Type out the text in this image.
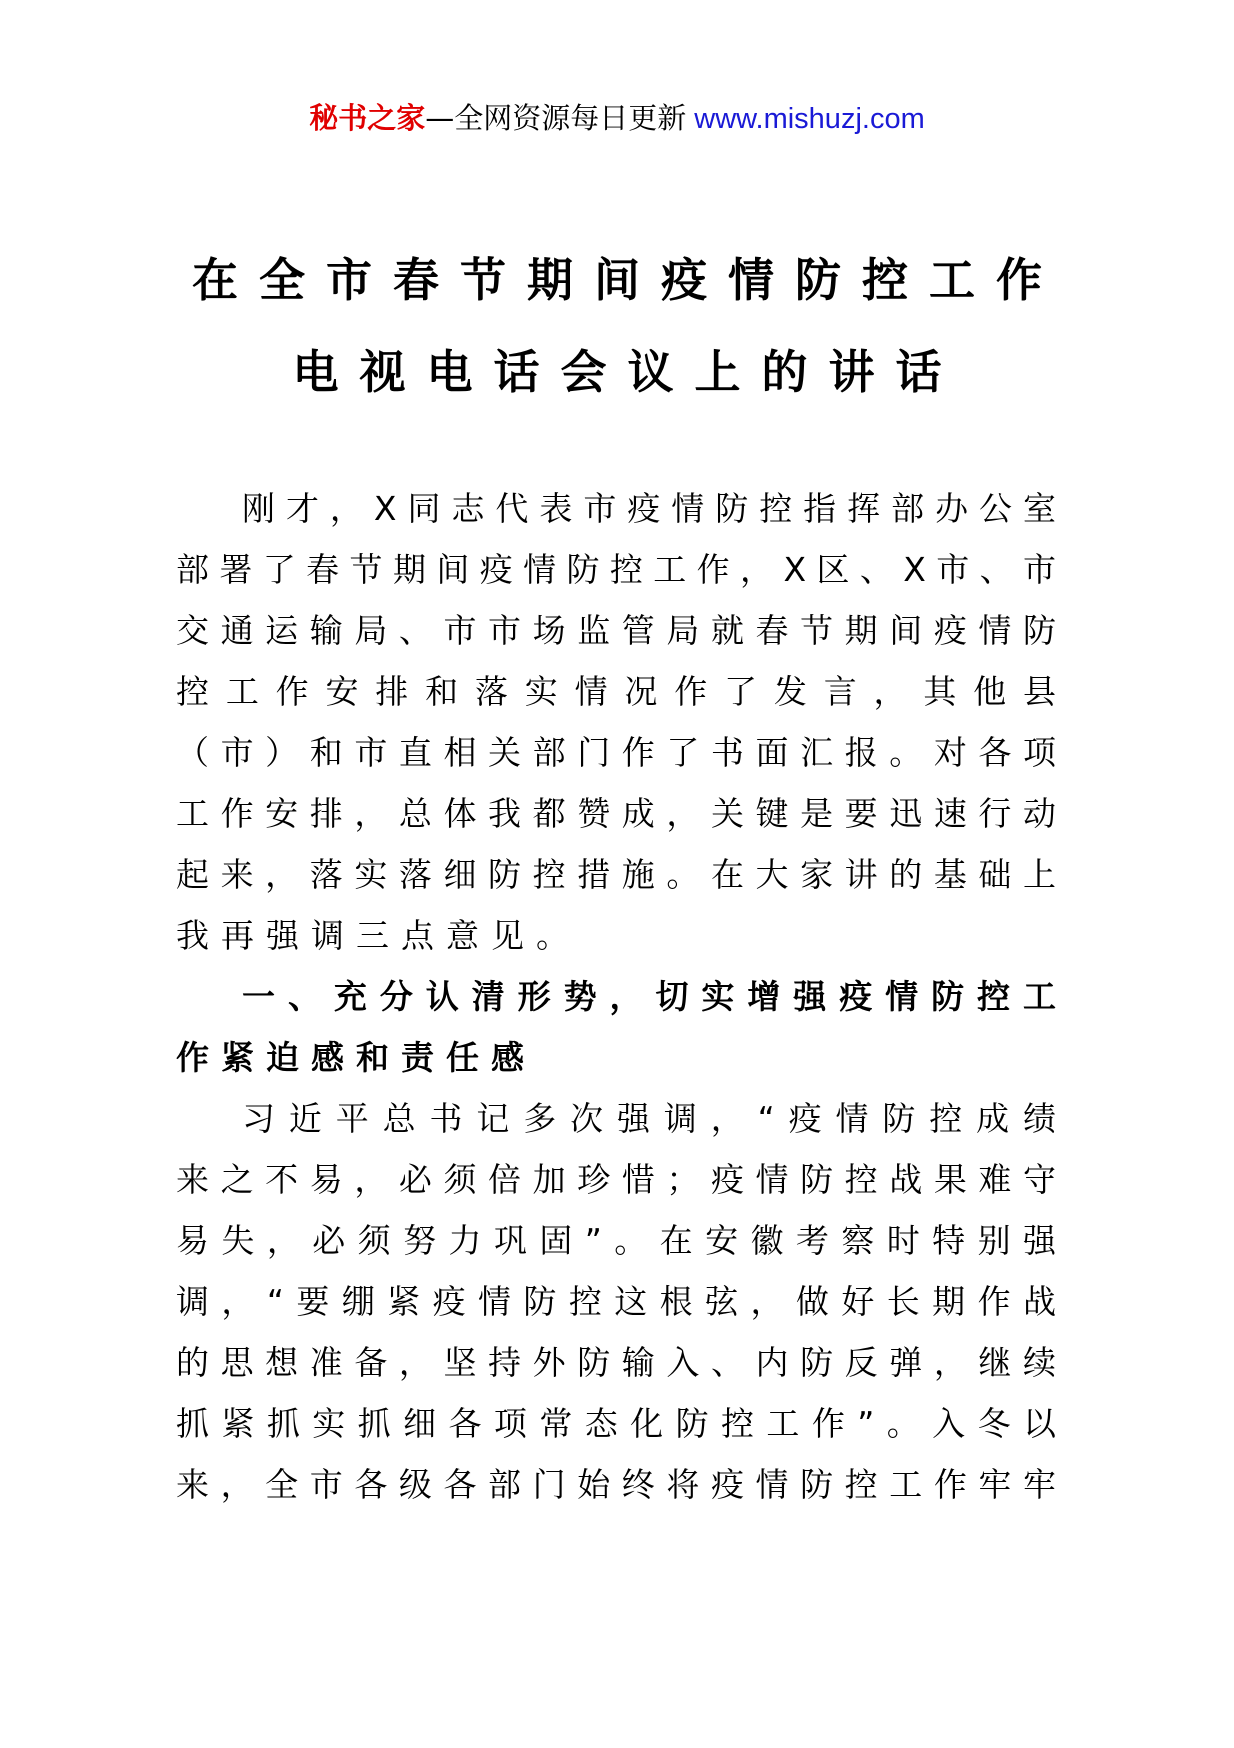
秘书之家—全网资源每日更新 www.mishuzj.com
在全市春节期间疫情防控工作
电视电话会议上的讲话
刚才，X同志代表市疫情防控指挥部办公室
部署了春节期间疫情防控工作，X区、X市、市
交通运输局、市市场监管局就春节期间疫情防
控工作安排和落实情况作了发言，其他县
（市）和市直相关部门作了书面汇报。对各项
工作安排，总体我都赞成，关键是要迅速行动
起来，落实落细防控措施。在大家讲的基础上
我再强调三点意见。
一、充分认清形势，切实增强疫情防控工
作紧迫感和责任感
习近平总书记多次强调，“疫情防控成绩
来之不易，必须倍加珍惜；疫情防控战果难守
易失，必须努力巩固”。在安徽考察时特别强
调，“要绷紧疫情防控这根弦，做好长期作战
的思想准备，坚持外防输入、内防反弹，继续
抓紧抓实抓细各项常态化防控工作”。入冬以
来，全市各级各部门始终将疫情防控工作牢牢
